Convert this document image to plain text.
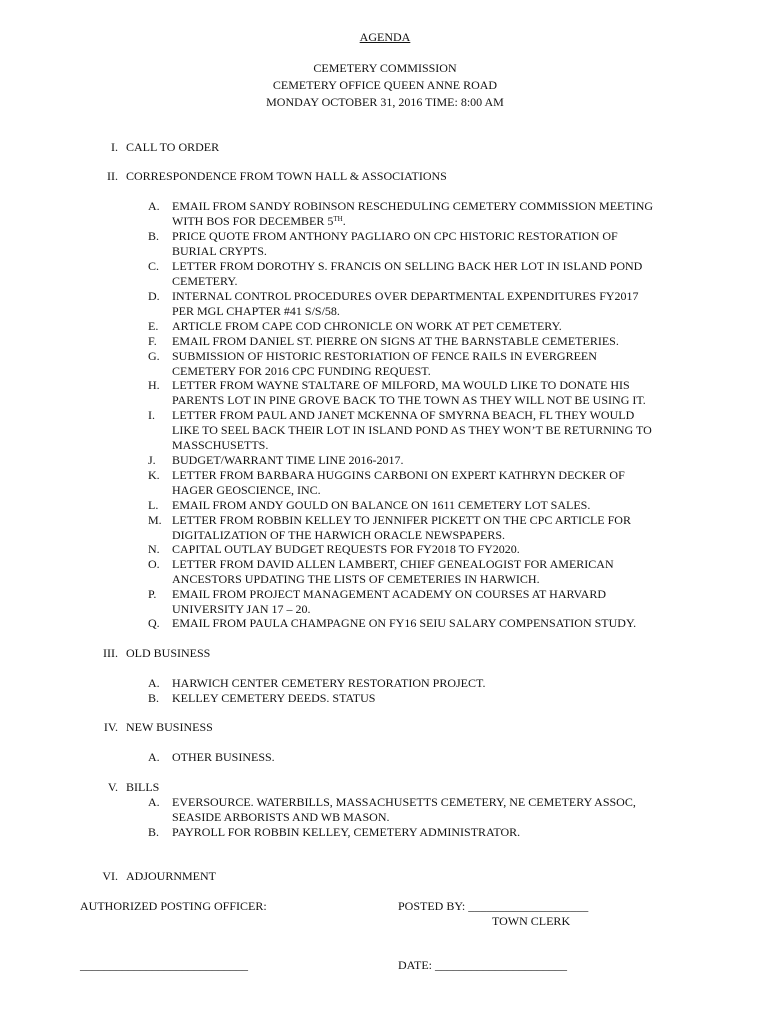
AGENDA
CEMETERY COMMISSION
CEMETERY OFFICE QUEEN ANNE ROAD
MONDAY OCTOBER 31, 2016 TIME: 8:00 AM
I. CALL TO ORDER
II. CORRESPONDENCE FROM TOWN HALL & ASSOCIATIONS
A.	EMAIL FROM SANDY ROBINSON RESCHEDULING CEMETERY COMMISSION MEETING
WITH BOS FOR DECEMBER 5TH.
B.	PRICE QUOTE FROM ANTHONY PAGLIARO ON CPC HISTORIC RESTORATION OF
BURIAL CRYPTS.
C.	LETTER FROM DOROTHY S. FRANCIS ON SELLING BACK HER LOT IN ISLAND POND
CEMETERY.
D.	INTERNAL CONTROL PROCEDURES OVER DEPARTMENTAL EXPENDITURES FY2017
PER MGL CHAPTER #41 S/S/58.
E.	ARTICLE FROM CAPE COD CHRONICLE ON WORK AT PET CEMETERY.
F.	EMAIL FROM DANIEL ST. PIERRE ON SIGNS AT THE BARNSTABLE CEMETERIES.
G.	SUBMISSION OF HISTORIC RESTORIATION OF FENCE RAILS IN EVERGREEN
CEMETERY FOR 2016 CPC FUNDING REQUEST.
H.	LETTER FROM WAYNE STALTARE OF MILFORD, MA WOULD LIKE TO DONATE HIS
PARENTS LOT IN PINE GROVE BACK TO THE TOWN AS THEY WILL NOT BE USING IT.
I.	LETTER FROM PAUL AND JANET MCKENNA OF SMYRNA BEACH, FL THEY WOULD
LIKE TO SEEL BACK THEIR LOT IN ISLAND POND AS THEY WON’T BE RETURNING TO
MASSCHUSETTS.
J.	BUDGET/WARRANT TIME LINE 2016-2017.
K.	LETTER FROM BARBARA HUGGINS CARBONI ON EXPERT KATHRYN DECKER OF
HAGER GEOSCIENCE, INC.
L.	EMAIL FROM ANDY GOULD ON BALANCE ON 1611 CEMETERY LOT SALES.
M. LETTER FROM ROBBIN KELLEY TO JENNIFER PICKETT ON THE CPC ARTICLE FOR
DIGITALIZATION OF THE HARWICH ORACLE NEWSPAPERS.
N.	CAPITAL OUTLAY BUDGET REQUESTS FOR FY2018 TO FY2020.
O.	LETTER FROM DAVID ALLEN LAMBERT, CHIEF GENEALOGIST FOR AMERICAN
ANCESTORS UPDATING THE LISTS OF CEMETERIES IN HARWICH.
P.	EMAIL FROM PROJECT MANAGEMENT ACADEMY ON COURSES AT HARVARD
UNIVERSITY JAN 17 – 20.
Q.	EMAIL FROM PAULA CHAMPAGNE ON FY16 SEIU SALARY COMPENSATION STUDY.
III. OLD BUSINESS
A.	HARWICH CENTER CEMETERY RESTORATION PROJECT.
B.	KELLEY CEMETERY DEEDS. STATUS
IV. NEW BUSINESS
A.	OTHER BUSINESS.
V. BILLS
A.	EVERSOURCE. WATERBILLS, MASSACHUSETTS CEMETERY, NE CEMETERY ASSOC,
SEASIDE ARBORISTS AND WB MASON.
B.	PAYROLL FOR ROBBIN KELLEY, CEMETERY ADMINISTRATOR.
VI. ADJOURNMENT
AUTHORIZED POSTING OFFICER:	POSTED BY: ____________________
TOWN CLERK
____________________________	DATE: ______________________
